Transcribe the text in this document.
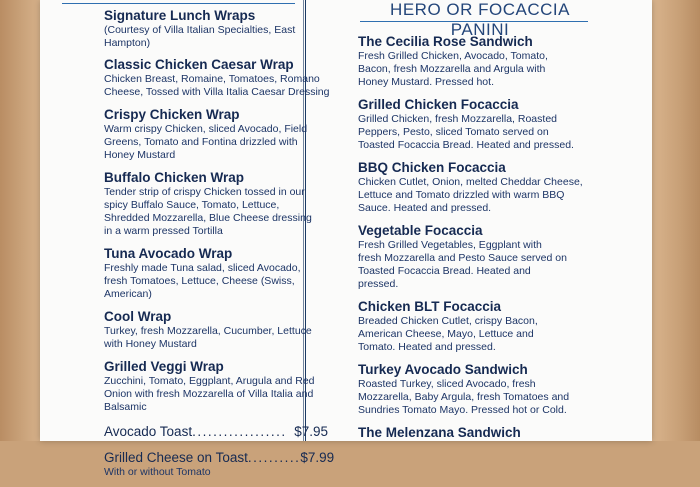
Signature Lunch Wraps
(Courtesy of Villa Italian Specialties, East Hampton)
Classic Chicken Caesar Wrap
Chicken Breast, Romaine, Tomatoes, Romano Cheese, Tossed with Villa Italia Caesar Dressing
Crispy Chicken Wrap
Warm crispy Chicken, sliced Avocado, Field Greens, Tomato and Fontina drizzled with Honey Mustard
Buffalo Chicken Wrap
Tender strip of crispy Chicken tossed in our spicy Buffalo Sauce, Tomato, Lettuce, Shredded Mozzarella, Blue Cheese dressing in a warm pressed Tortilla
Tuna Avocado Wrap
Freshly made Tuna salad, sliced Avocado, fresh Tomatoes, Lettuce, Cheese (Swiss, American)
Cool Wrap
Turkey, fresh Mozzarella, Cucumber, Lettuce with Honey Mustard
Grilled Veggi Wrap
Zucchini, Tomato, Eggplant, Arugula and Red Onion with fresh Mozzarella of Villa Italia and Balsamic
Avocado Toast .................. $7.95
Grilled Cheese on Toast .......... $7.99
With or without Tomato
HERO OR FOCACCIA PANINI
The Cecilia Rose Sandwich
Fresh Grilled Chicken, Avocado, Tomato, Bacon, fresh Mozzarella and Argula with Honey Mustard. Pressed hot.
Grilled Chicken Focaccia
Grilled Chicken, fresh Mozzarella, Roasted Peppers, Pesto, sliced Tomato served on Toasted Focaccia Bread. Heated and pressed.
BBQ Chicken Focaccia
Chicken Cutlet, Onion, melted Cheddar Cheese, Lettuce and Tomato drizzled with warm BBQ Sauce. Heated and pressed.
Vegetable Focaccia
Fresh Grilled Vegetables, Eggplant with fresh Mozzarella and Pesto Sauce served on Toasted Focaccia Bread. Heated and pressed.
Chicken BLT Focaccia
Breaded Chicken Cutlet, crispy Bacon, American Cheese, Mayo, Lettuce and Tomato. Heated and pressed.
Turkey Avocado Sandwich
Roasted Turkey, sliced Avocado, fresh Mozzarella, Baby Argula, fresh Tomatoes and Sundries Tomato Mayo. Pressed hot or Cold.
The Melenzana Sandwich
